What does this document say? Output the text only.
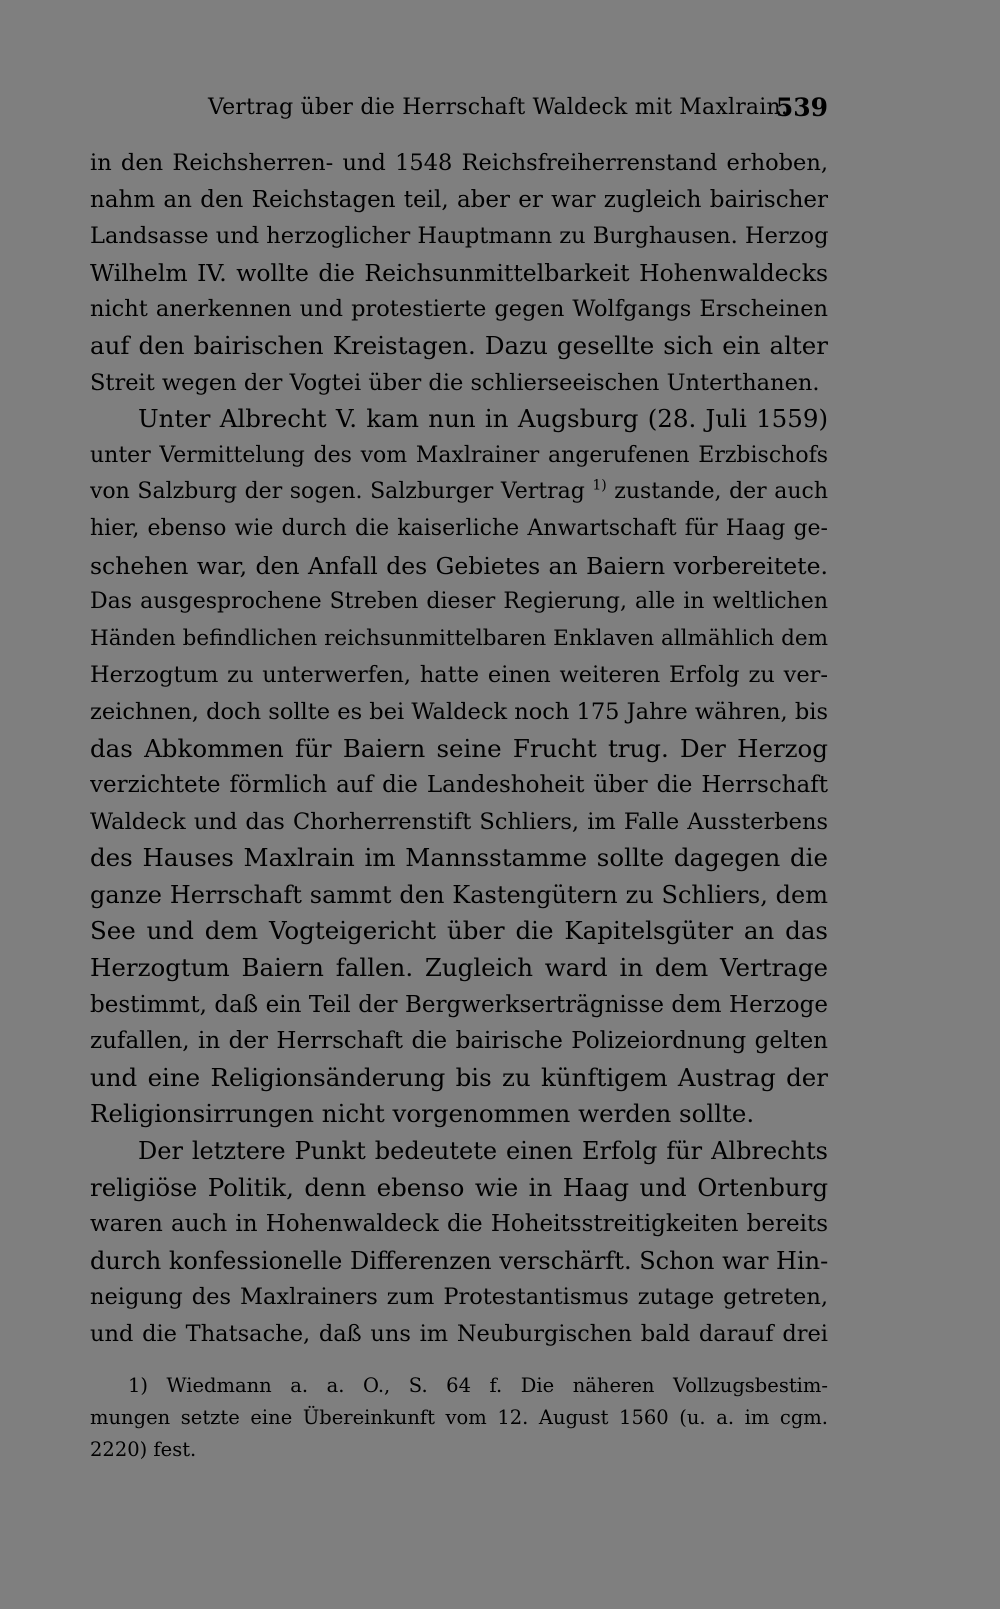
Vertrag über die Herrschaft Waldeck mit Maxlrain.
539
in den Reichsherren- und 1548 Reichsfreiherrenstand erhoben,
nahm an den Reichstagen teil, aber er war zugleich bairischer
Landsasse und herzoglicher Hauptmann zu Burghausen. Herzog
Wilhelm IV. wollte die Reichsunmittelbarkeit Hohenwaldecks
nicht anerkennen und protestierte gegen Wolfgangs Erscheinen
auf den bairischen Kreistagen. Dazu gesellte sich ein alter
Streit wegen der Vogtei über die schlierseeischen Unterthanen.
Unter Albrecht V. kam nun in Augsburg (28. Juli 1559)
unter Vermittelung des vom Maxlrainer angerufenen Erzbischofs
von Salzburg der sogen. Salzburger Vertrag $^{1)}$ zustande, der auch
hier, ebenso wie durch die kaiserliche Anwartschaft für Haag ge-
schehen war, den Anfall des Gebietes an Baiern vorbereitete.
Das ausgesprochene Streben dieser Regierung, alle in weltlichen
Händen befindlichen reichsunmittelbaren Enklaven allmählich dem
Herzogtum zu unterwerfen, hatte einen weiteren Erfolg zu ver-
zeichnen, doch sollte es bei Waldeck noch 175 Jahre währen, bis
das Abkommen für Baiern seine Frucht trug. Der Herzog
verzichtete förmlich auf die Landeshoheit über die Herrschaft
Waldeck und das Chorherrenstift Schliers, im Falle Aussterbens
des Hauses Maxlrain im Mannsstamme sollte dagegen die
ganze Herrschaft sammt den Kastengütern zu Schliers, dem
See und dem Vogteigericht über die Kapitelsgüter an das
Herzogtum Baiern fallen. Zugleich ward in dem Vertrage
bestimmt, daß ein Teil der Bergwerkserträgnisse dem Herzoge
zufallen, in der Herrschaft die bairische Polizeiordnung gelten
und eine Religionsänderung bis zu künftigem Austrag der
Religionsirrungen nicht vorgenommen werden sollte.
Der letztere Punkt bedeutete einen Erfolg für Albrechts
religiöse Politik, denn ebenso wie in Haag und Ortenburg
waren auch in Hohenwaldeck die Hoheitsstreitigkeiten bereits
durch konfessionelle Differenzen verschärft. Schon war Hin-
neigung des Maxlrainers zum Protestantismus zutage getreten,
und die Thatsache, daß uns im Neuburgischen bald darauf drei
1) Wiedmann a. a. O., S. 64 f. Die näheren Vollzugsbestim-
mungen setzte eine Übereinkunft vom 12. August 1560 (u. a. im cgm.
2220) fest.
